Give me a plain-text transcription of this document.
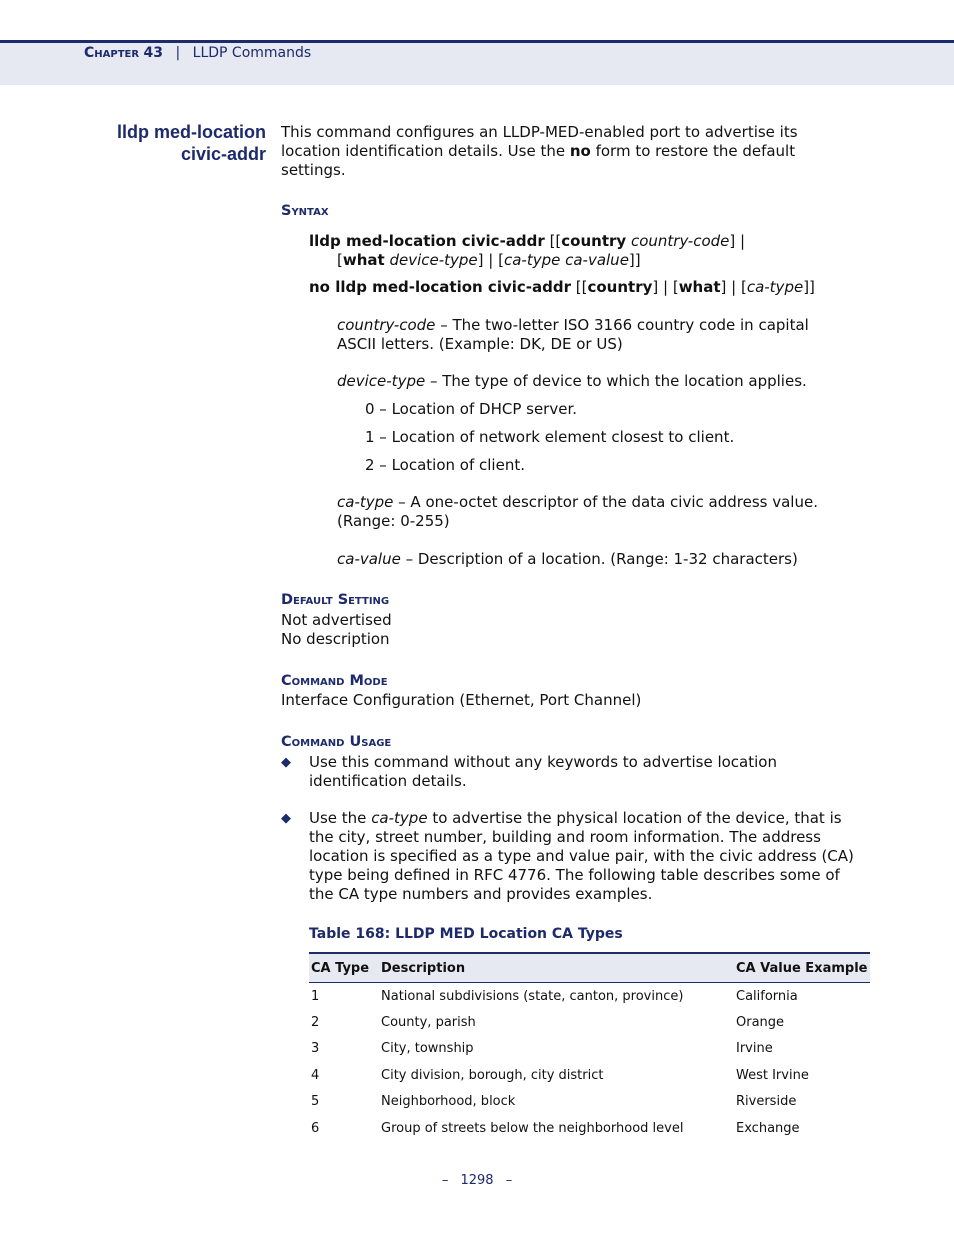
Chapter 43 | LLDP Commands
lldp med-location
civic-addr
This command configures an LLDP-MED-enabled port to advertise its
location identification details. Use the no form to restore the default
settings.
Syntax
lldp med-location civic-addr [[country country-code] |
[what device-type] | [ca-type ca-value]]
no lldp med-location civic-addr [[country] | [what] | [ca-type]]
country-code – The two-letter ISO 3166 country code in capital
ASCII letters. (Example: DK, DE or US)
device-type – The type of device to which the location applies.
0 – Location of DHCP server.
1 – Location of network element closest to client.
2 – Location of client.
ca-type – A one-octet descriptor of the data civic address value.
(Range: 0-255)
ca-value – Description of a location. (Range: 1-32 characters)
Default Setting
Not advertised
No description
Command Mode
Interface Configuration (Ethernet, Port Channel)
Command Usage
◆ Use this command without any keywords to advertise location
identification details.
◆ Use the ca-type to advertise the physical location of the device, that is
the city, street number, building and room information. The address
location is specified as a type and value pair, with the civic address (CA)
type being defined in RFC 4776. The following table describes some of
the CA type numbers and provides examples.
Table 168: LLDP MED Location CA Types
CA Type	Description	CA Value Example
1	National subdivisions (state, canton, province)	California
2	County, parish	Orange
3	City, township	Irvine
4	City division, borough, city district	West Irvine
5	Neighborhood, block	Riverside
6	Group of streets below the neighborhood level	Exchange
– 1298 –
